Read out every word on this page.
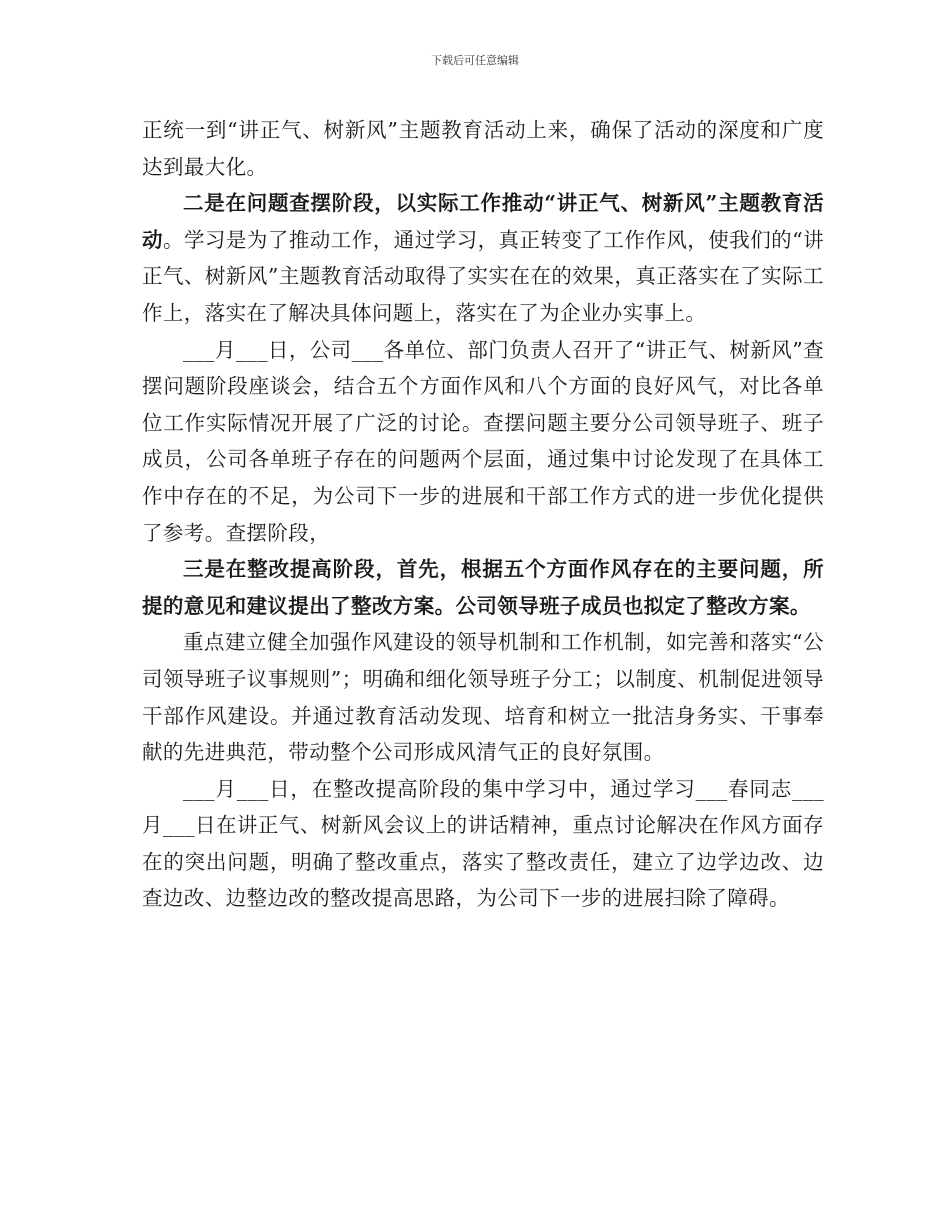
下载后可任意编辑

正统一到“讲正气、树新风”主题教育活动上来，确保了活动的深度和广度达到最大化。

二是在问题查摆阶段，以实际工作推动“讲正气、树新风”主题教育活动。学习是为了推动工作，通过学习，真正转变了工作作风，使我们的“讲正气、树新风”主题教育活动取得了实实在在的效果，真正落实在了实际工作上，落实在了解决具体问题上，落实在了为企业办实事上。

___月___日，公司___各单位、部门负责人召开了“讲正气、树新风”查摆问题阶段座谈会，结合五个方面作风和八个方面的良好风气，对比各单位工作实际情况开展了广泛的讨论。查摆问题主要分公司领导班子、班子成员，公司各单班子存在的问题两个层面，通过集中讨论发现了在具体工作中存在的不足，为公司下一步的进展和干部工作方式的进一步优化提供了参考。查摆阶段，

三是在整改提高阶段，首先，根据五个方面作风存在的主要问题，所提的意见和建议提出了整改方案。公司领导班子成员也拟定了整改方案。

重点建立健全加强作风建设的领导机制和工作机制，如完善和落实“公司领导班子议事规则”；明确和细化领导班子分工；以制度、机制促进领导干部作风建设。并通过教育活动发现、培育和树立一批洁身务实、干事奉献的先进典范，带动整个公司形成风清气正的良好氛围。

___月___日，在整改提高阶段的集中学习中，通过学习___春同志___月___日在讲正气、树新风会议上的讲话精神，重点讨论解决在作风方面存在的突出问题，明确了整改重点，落实了整改责任，建立了边学边改、边查边改、边整边改的整改提高思路，为公司下一步的进展扫除了障碍。
